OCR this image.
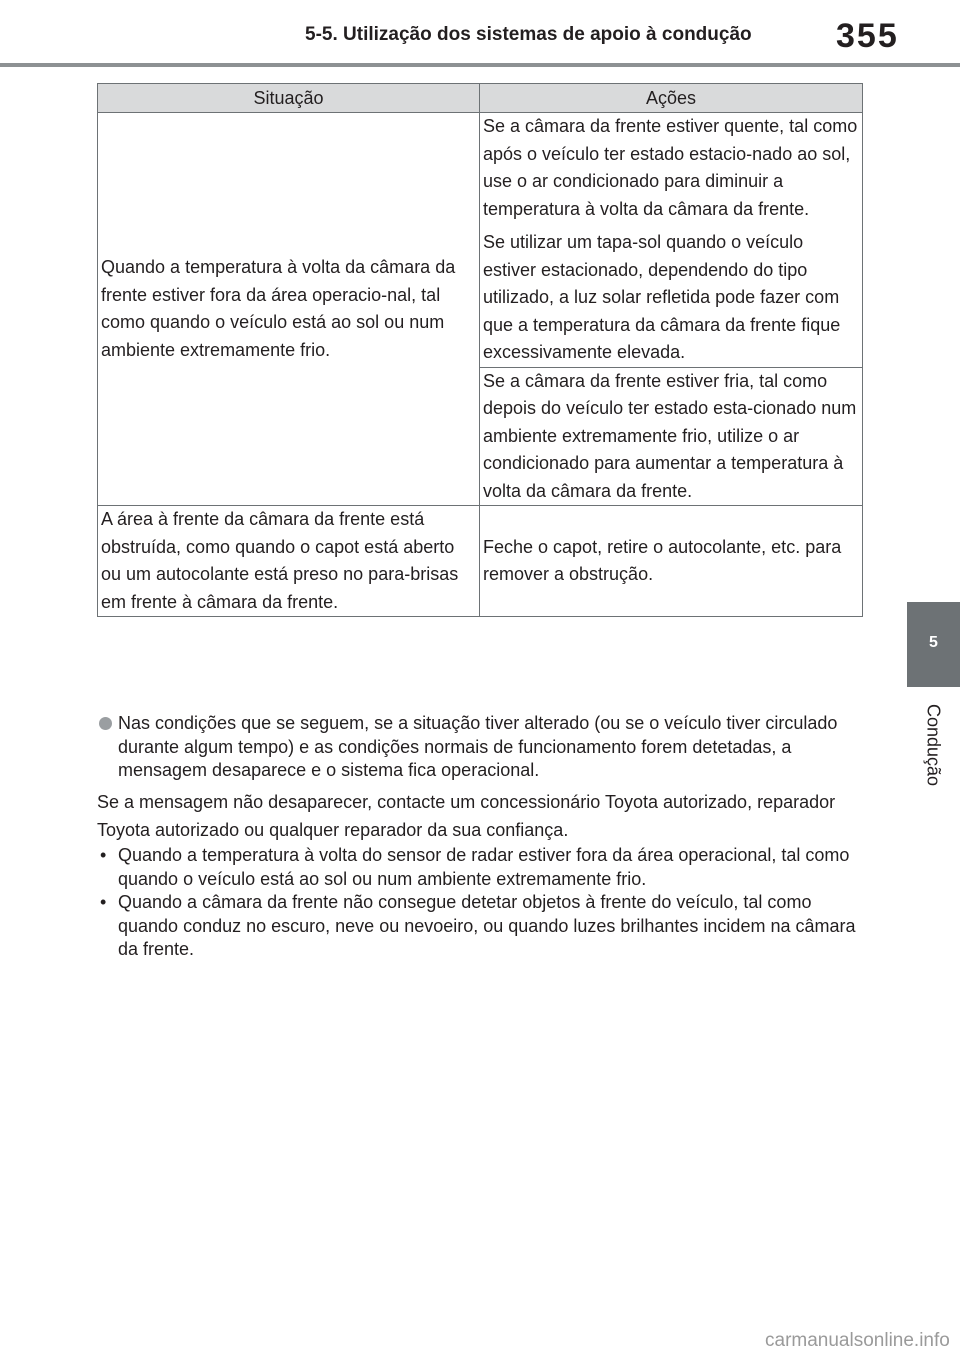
5-5. Utilização dos sistemas de apoio à condução 355
5
Condução
Situação	Ações
Quando a temperatura à volta da câmara da frente estiver fora da área operacio-nal, tal como quando o veículo está ao sol ou num ambiente extremamente frio.	Se a câmara da frente estiver quente, tal como após o veículo ter estado estacio-nado ao sol, use o ar condicionado para diminuir a temperatura à volta da câmara da frente.
Se utilizar um tapa-sol quando o veículo estiver estacionado, dependendo do tipo utilizado, a luz solar refletida pode fazer com que a temperatura da câmara da frente fique excessivamente elevada.

	Se a câmara da frente estiver fria, tal como depois do veículo ter estado esta-cionado num ambiente extremamente frio, utilize o ar condicionado para aumentar a temperatura à volta da câmara da frente.
A área à frente da câmara da frente está obstruída, como quando o capot está aberto ou um autocolante está preso no para-brisas em frente à câmara da frente.	Feche o capot, retire o autocolante, etc. para remover a obstrução.
Nas condições que se seguem, se a situação tiver alterado (ou se o veículo tiver circulado durante algum tempo) e as condições normais de funcionamento forem detetadas, a mensagem desaparece e o sistema fica operacional.
Se a mensagem não desaparecer, contacte um concessionário Toyota autorizado, reparador Toyota autorizado ou qualquer reparador da sua confiança.
• Quando a temperatura à volta do sensor de radar estiver fora da área operacional, tal como quando o veículo está ao sol ou num ambiente extremamente frio.
• Quando a câmara da frente não consegue detetar objetos à frente do veículo, tal como quando conduz no escuro, neve ou nevoeiro, ou quando luzes brilhantes incidem na câmara da frente.
carmanualsonline.info
